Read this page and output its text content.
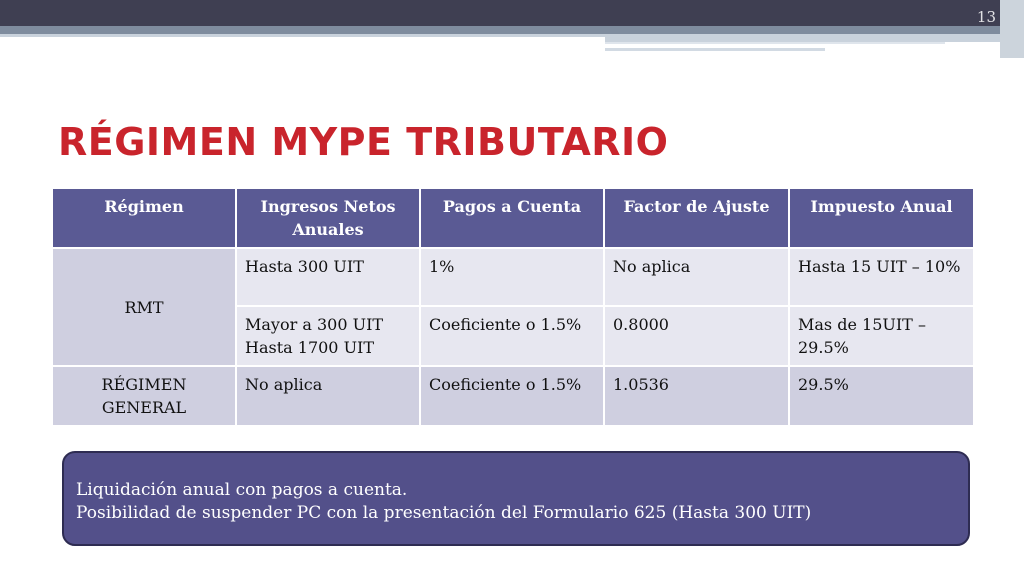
13
RÉGIMEN MYPE TRIBUTARIO
Régimen	Ingresos Netos Anuales	Pagos a Cuenta	Factor de Ajuste	Impuesto Anual
RMT	Hasta 300 UIT	1%	No aplica	Hasta 15 UIT – 10%
	Mayor a 300 UIT Hasta 1700 UIT	Coeficiente o 1.5%	0.8000	Mas de 15UIT – 29.5%
RÉGIMEN GENERAL	No aplica	Coeficiente o 1.5%	1.0536	29.5%
Liquidación anual con pagos a cuenta.
Posibilidad de suspender PC con la presentación del Formulario 625 (Hasta 300 UIT)
